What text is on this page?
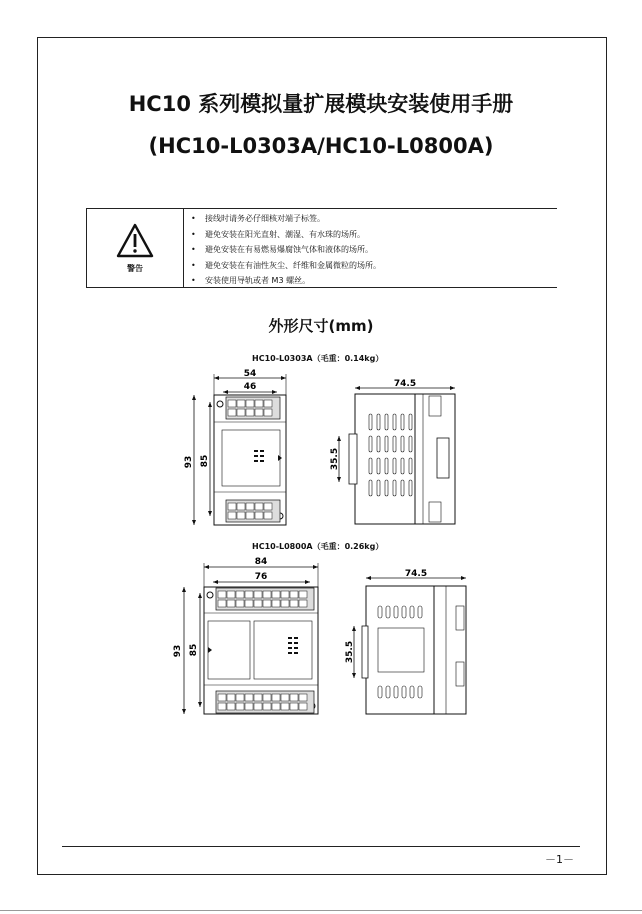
HC10 系列模拟量扩展模块安装使用手册
(HC10-L0303A/HC10-L0800A)
警告
• 接线时请务必仔细核对端子标签。
• 避免安装在阳光直射、潮湿、有水珠的场所。
• 避免安装在有易燃易爆腐蚀气体和液体的场所。
• 避免安装在有油性灰尘、纤维和金属微粒的场所。
• 安装使用导轨或者 M3 螺丝。
外形尺寸(mm)
HC10-L0303A（毛重：0.14kg）
54
46
93 85
74.5
35.5
HC10-L0800A（毛重：0.26kg）
84
76
93 85
74.5
35.5
－1－
